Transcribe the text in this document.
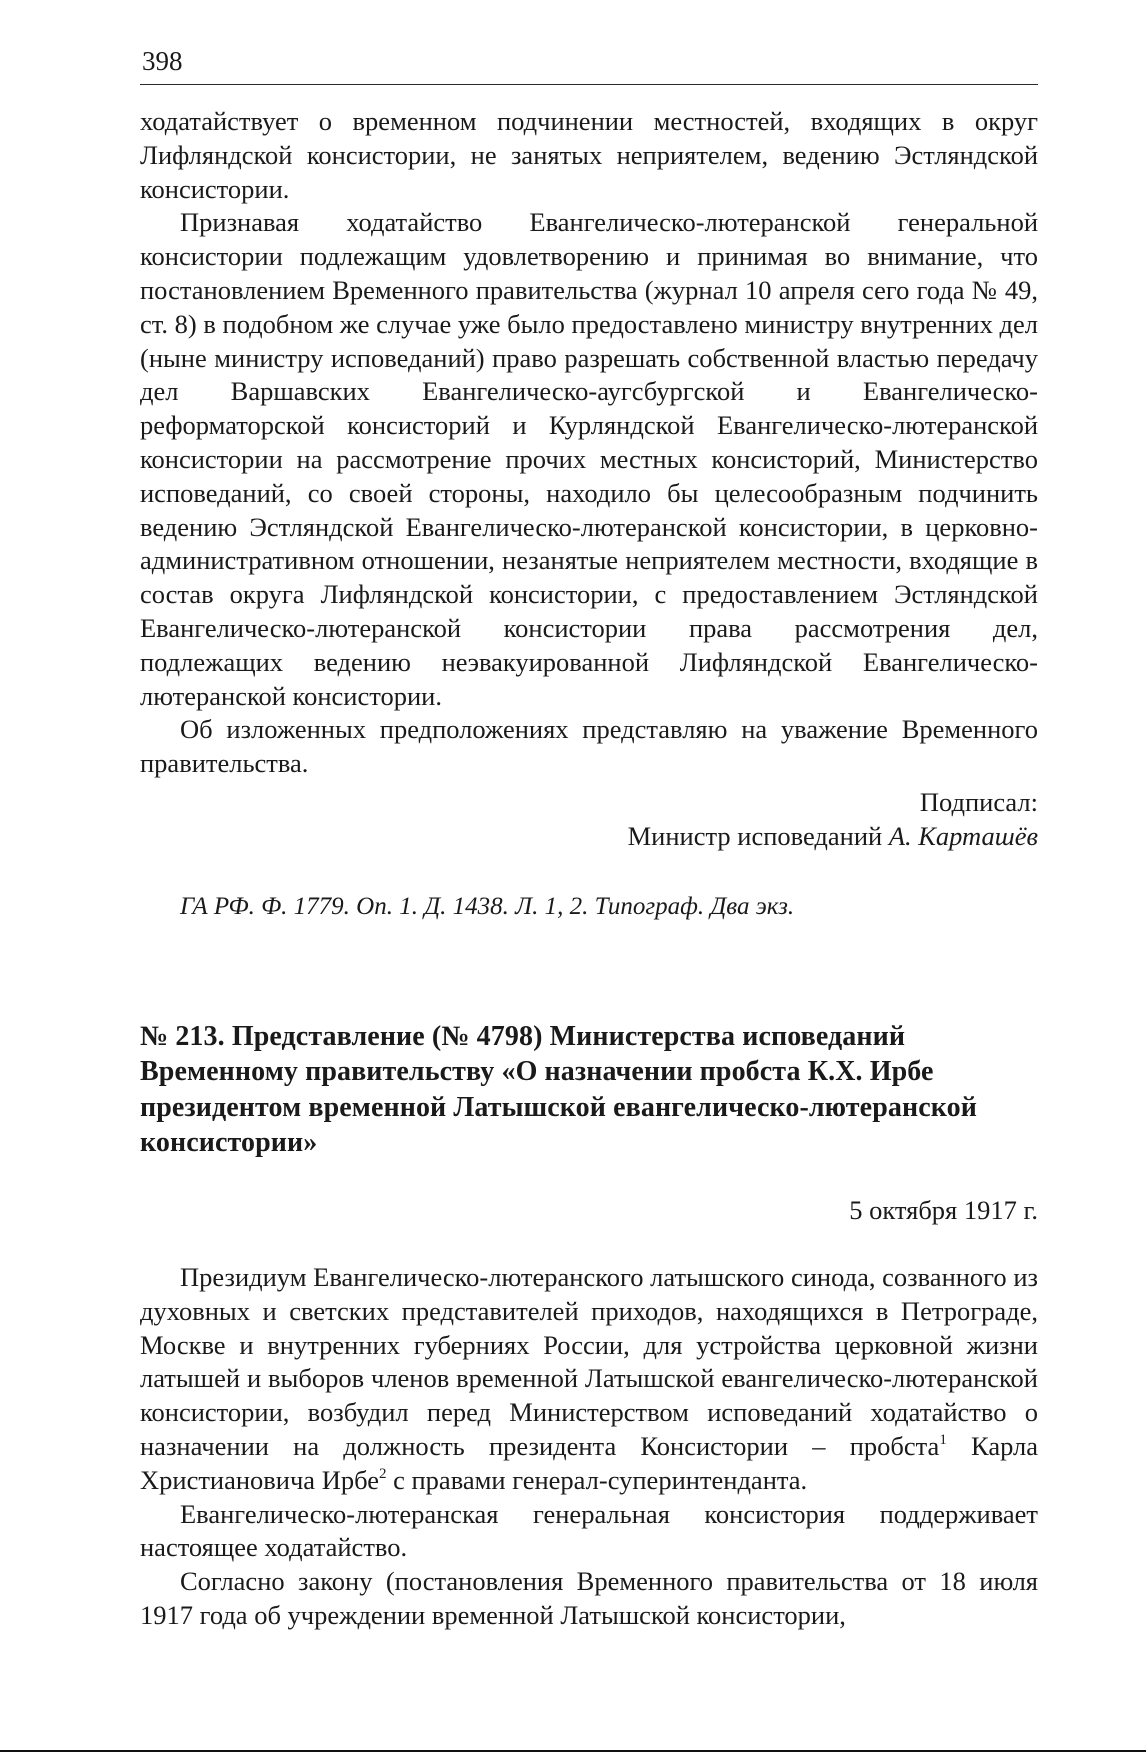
398

ходатайствует о временном подчинении местностей, входящих в округ Лифляндской консистории, не занятых неприятелем, ведению Эстляндской консистории.

Признавая ходатайство Евангелическо-лютеранской генеральной консистории подлежащим удовлетворению и принимая во внимание, что постановлением Временного правительства (журнал 10 апреля сего года № 49, ст. 8) в подобном же случае уже было предоставлено министру внутренних дел (ныне министру исповеданий) право разрешать собственной властью передачу дел Варшавских Евангелическо-аугсбургской и Евангелическо-реформаторской консисторий и Курляндской Евангелическо-лютеранской консистории на рассмотрение прочих местных консисторий, Министерство исповеданий, со своей стороны, находило бы целесообразным подчинить ведению Эстляндской Евангелическо-лютеранской консистории, в церковно-административном отношении, незанятые неприятелем местности, входящие в состав округа Лифляндской консистории, с предоставлением Эстляндской Евангелическо-лютеранской консистории права рассмотрения дел, подлежащих ведению неэвакуированной Лифляндской Евангелическо-лютеранской консистории.

Об изложенных предположениях представляю на уважение Временного правительства.

Подписал:
Министр исповеданий А. Карташёв
ГА РФ. Ф. 1779. Оп. 1. Д. 1438. Л. 1, 2. Типограф. Два экз.
№ 213. Представление (№ 4798) Министерства исповеданий Временному правительству «О назначении пробста К.Х. Ирбе президентом временной Латышской евангелическо-лютеранской консистории»
5 октября 1917 г.

Президиум Евангелическо-лютеранского латышского синода, созванного из духовных и светских представителей приходов, находящихся в Петрограде, Москве и внутренних губерниях России, для устройства церковной жизни латышей и выборов членов временной Латышской евангелическо-лютеранской консистории, возбудил перед Министерством исповеданий ходатайство о назначении на должность президента Консистории – пробста$^1$ Карла Христиановича Ирбе$^2$ с правами генерал-суперинтенданта.

Евангелическо-лютеранская генеральная консистория поддерживает настоящее ходатайство.

Согласно закону (постановления Временного правительства от 18 июля 1917 года об учреждении временной Латышской консистории,
